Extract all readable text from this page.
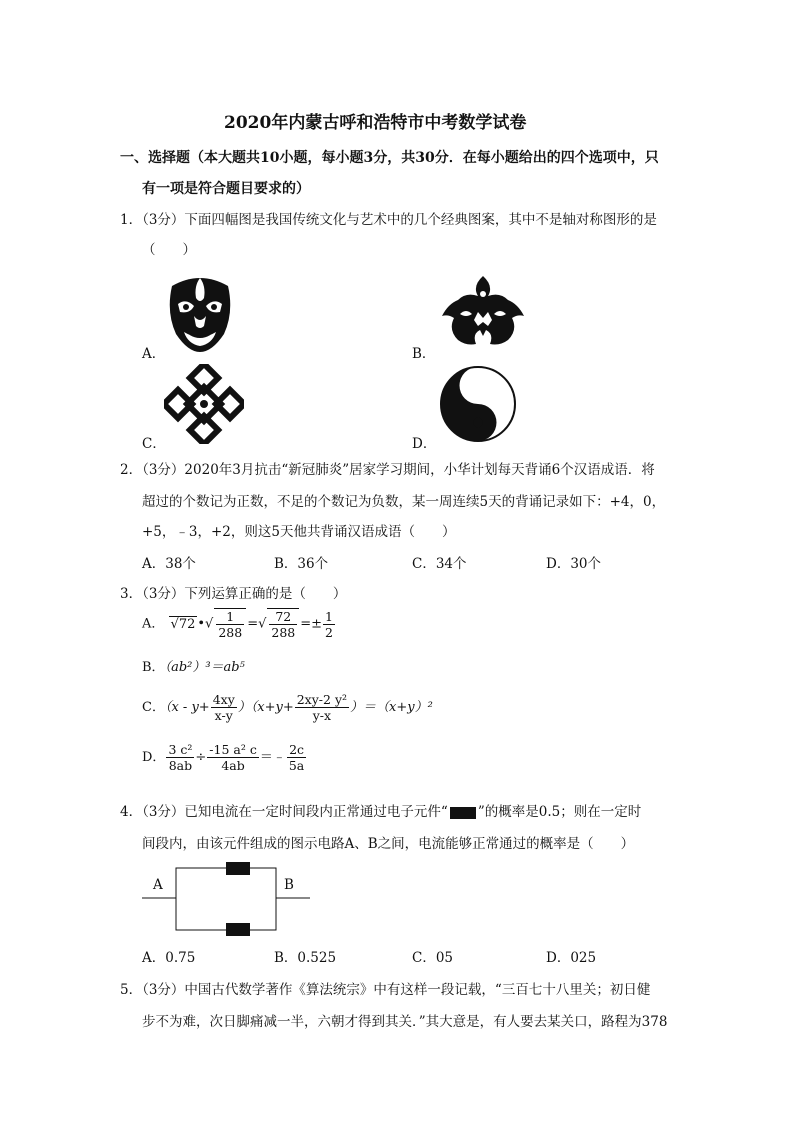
2020年内蒙古呼和浩特市中考数学试卷
一、选择题（本大题共10小题，每小题3分，共30分．在每小题给出的四个选项中，只
有一项是符合题目要求的）
1．（3分）下面四幅图是我国传统文化与艺术中的几个经典图案，其中不是轴对称图形的是
（　　）
A．	B．
C．	D．
2．（3分）2020年3月抗击“新冠肺炎”居家学习期间，小华计划每天背诵6个汉语成语．将
超过的个数记为正数，不足的个数记为负数，某一周连续5天的背诵记录如下：+4，0，
+5，﹣3，+2，则这5天他共背诵汉语成语（　　）
A．38个	B．36个	C．34个	D．30个
3．（3分）下列运算正确的是（　　）
A． √72 •√ $\frac{1}{288}$ =√ $\frac{72}{288} =\pm \frac{1}{2}$
B．（ab²）³＝ab⁵
C．$(x - y+ \frac{4xy}{x-y} )(x+y+ \frac{\text{2xy-2 y²}}{y-x} )=(x+y)^2$
D． $\frac{\text{3 c²}}{8ab} \div \frac{\text{-15 a² c}}{4ab}$ ＝﹣ $\frac{2c}{5a}$
4．（3分）已知电流在一定时间段内正常通过电子元件“ ”的概率是0.5；则在一定时
间段内，由该元件组成的图示电路A、B之间，电流能够正常通过的概率是（　　）
A	B
A．0.75	B．0.525	C．05	D．025
5．（3分）中国古代数学著作《算法统宗》中有这样一段记载，“三百七十八里关；初日健
步不为难，次日脚痛减一半，六朝才得到其关．”其大意是，有人要去某关口，路程为378
